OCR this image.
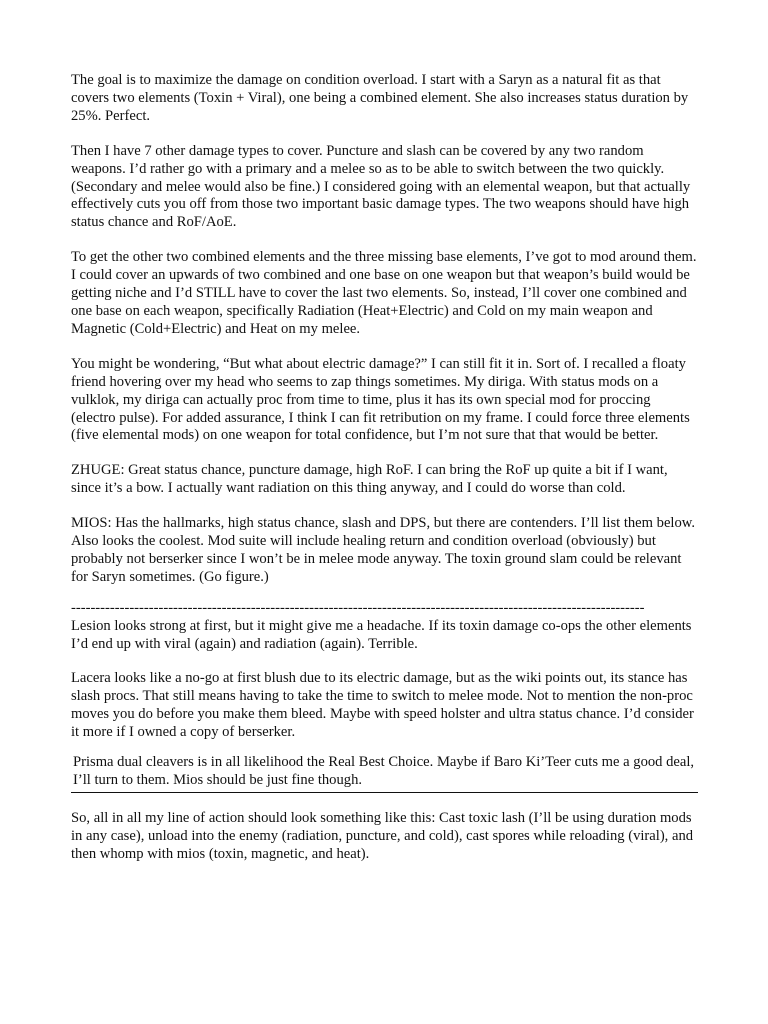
The goal is to maximize the damage on condition overload. I start with a Saryn as a natural fit as that covers two elements (Toxin + Viral), one being a combined element. She also increases status duration by 25%. Perfect.

Then I have 7 other damage types to cover. Puncture and slash can be covered by any two random weapons. I’d rather go with a primary and a melee so as to be able to switch between the two quickly. (Secondary and melee would also be fine.) I considered going with an elemental weapon, but that actually effectively cuts you off from those two important basic damage types. The two weapons should have high status chance and RoF/AoE.

To get the other two combined elements and the three missing base elements, I’ve got to mod around them. I could cover an upwards of two combined and one base on one weapon but that weapon’s build would be getting niche and I’d STILL have to cover the last two elements. So, instead, I’ll cover one combined and one base on each weapon, specifically Radiation (Heat+Electric) and Cold on my main weapon and Magnetic (Cold+Electric) and Heat on my melee.

You might be wondering, “But what about electric damage?” I can still fit it in. Sort of. I recalled a floaty friend hovering over my head who seems to zap things sometimes. My diriga. With status mods on a vulklok, my diriga can actually proc from time to time, plus it has its own special mod for proccing (electro pulse). For added assurance, I think I can fit retribution on my frame. I could force three elements (five elemental mods) on one weapon for total confidence, but I’m not sure that that would be better.

ZHUGE: Great status chance, puncture damage, high RoF. I can bring the RoF up quite a bit if I want, since it’s a bow. I actually want radiation on this thing anyway, and I could do worse than cold.

MIOS: Has the hallmarks, high status chance, slash and DPS, but there are contenders. I’ll list them below. Also looks the coolest. Mod suite will include healing return and condition overload (obviously) but probably not berserker since I won’t be in melee mode anyway. The toxin ground slam could be relevant for Saryn sometimes. (Go figure.)

----------------------------------------------------------------------------------------------------------------------

Lesion looks strong at first, but it might give me a headache. If its toxin damage co-ops the other elements I’d end up with viral (again) and radiation (again). Terrible.

Lacera looks like a no-go at first blush due to its electric damage, but as the wiki points out, its stance has slash procs. That still means having to take the time to switch to melee mode. Not to mention the non-proc moves you do before you make them bleed. Maybe with speed holster and ultra status chance. I’d consider it more if I owned a copy of berserker.

Prisma dual cleavers is in all likelihood the Real Best Choice. Maybe if Baro Ki’Teer cuts me a good deal, I’ll turn to them. Mios should be just fine though.

So, all in all my line of action should look something like this: Cast toxic lash (I’ll be using duration mods in any case), unload into the enemy (radiation, puncture, and cold), cast spores while reloading (viral), and then whomp with mios (toxin, magnetic, and heat).
